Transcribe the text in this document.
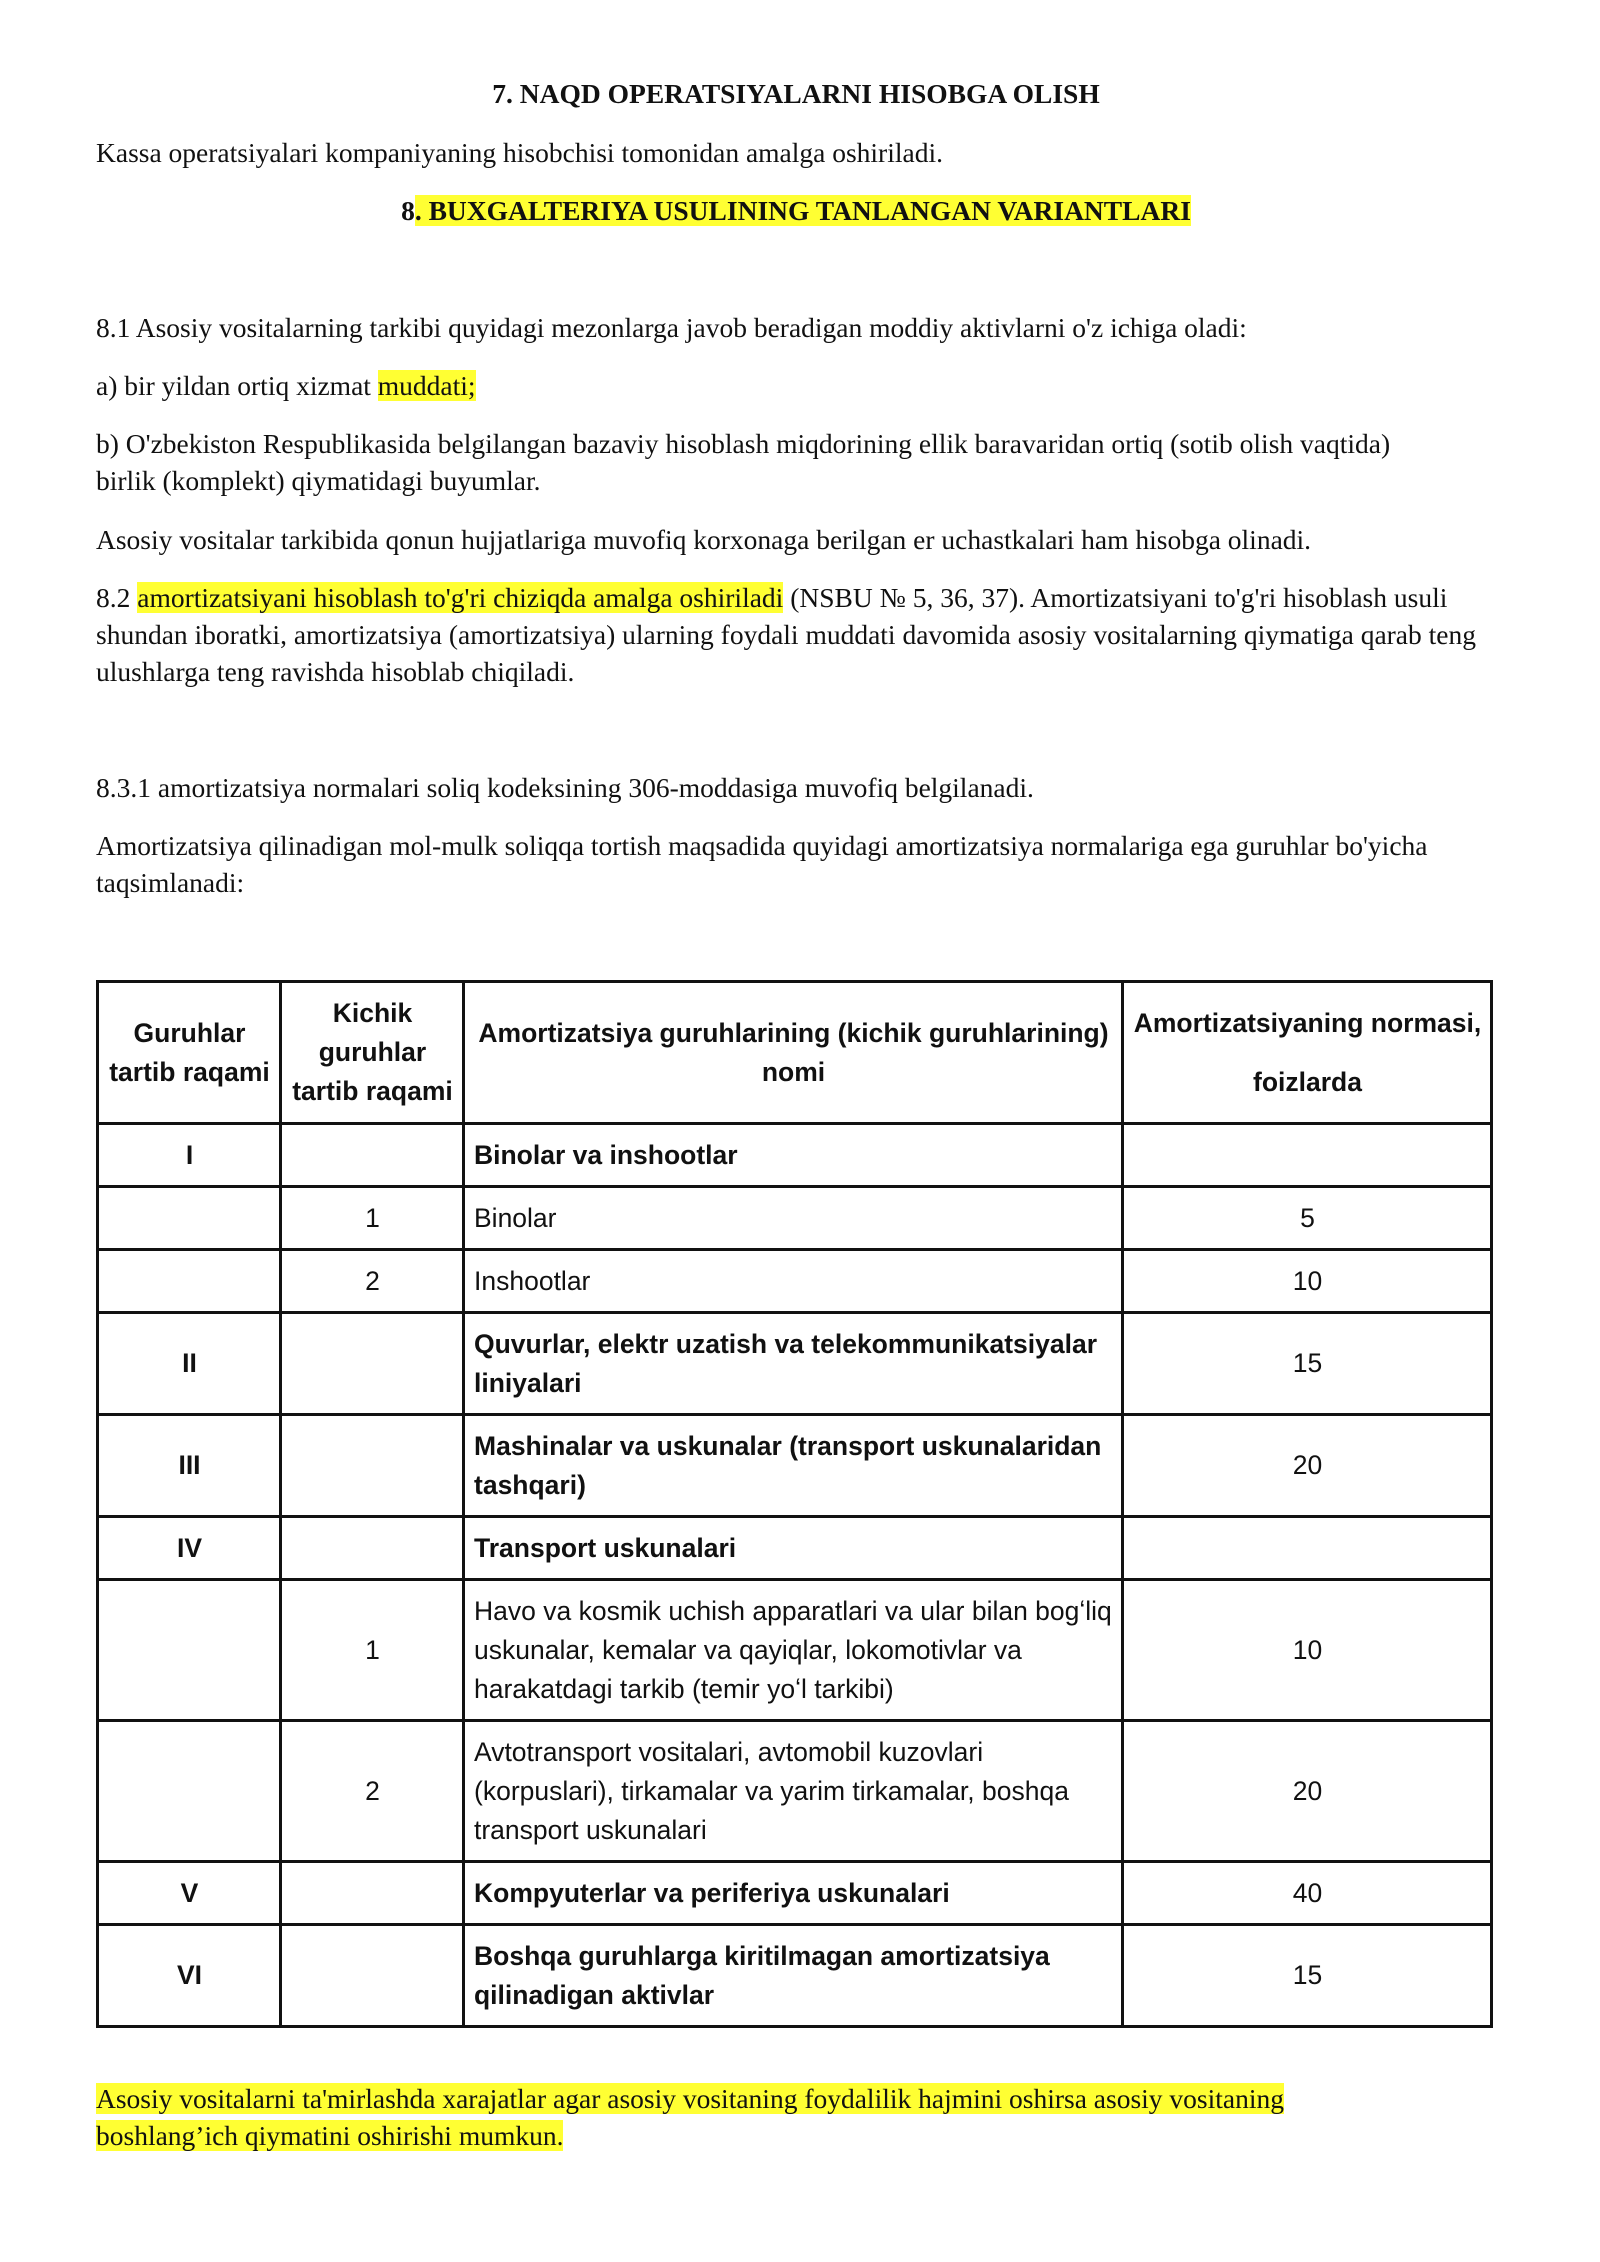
7. NAQD OPERATSIYALARNI HISOBGA OLISH
Kassa operatsiyalari kompaniyaning hisobchisi tomonidan amalga oshiriladi.
8. BUXGALTERIYA USULINING TANLANGAN VARIANTLARI
8.1 Asosiy vositalarning tarkibi quyidagi mezonlarga javob beradigan moddiy aktivlarni o'z ichiga oladi:
a) bir yildan ortiq xizmat muddati;
b) O'zbekiston Respublikasida belgilangan bazaviy hisoblash miqdorining ellik baravaridan ortiq (sotib olish vaqtida) birlik (komplekt) qiymatidagi buyumlar.
Asosiy vositalar tarkibida qonun hujjatlariga muvofiq korxonaga berilgan er uchastkalari ham hisobga olinadi.
8.2 amortizatsiyani hisoblash to'g'ri chiziqda amalga oshiriladi (NSBU № 5, 36, 37). Amortizatsiyani to'g'ri hisoblash usuli shundan iboratki, amortizatsiya (amortizatsiya) ularning foydali muddati davomida asosiy vositalarning qiymatiga qarab teng ulushlarga teng ravishda hisoblab chiqiladi.
8.3.1 amortizatsiya normalari soliq kodeksining 306-moddasiga muvofiq belgilanadi.
Amortizatsiya qilinadigan mol-mulk soliqqa tortish maqsadida quyidagi amortizatsiya normalariga ega guruhlar bo'yicha taqsimlanadi:
Guruhlar tartib raqami	Kichik guruhlar tartib raqami	Amortizatsiya guruhlarining (kichik guruhlarining) nomi	Amortizatsiyaning normasi,
foizlarda
I		Binolar va inshootlar	
	1	Binolar	5
	2	Inshootlar	10
II		Quvurlar, elektr uzatish va telekommunikatsiyalar liniyalari	15
III		Mashinalar va uskunalar (transport uskunalaridan tashqari)	20
IV		Transport uskunalari	
	1	Havo va kosmik uchish apparatlari va ular bilan bogʻliq uskunalar, kemalar va qayiqlar, lokomotivlar va harakatdagi tarkib (temir yoʻl tarkibi)	10
	2	Avtotransport vositalari, avtomobil kuzovlari (korpuslari), tirkamalar va yarim tirkamalar, boshqa transport uskunalari	20
V		Kompyuterlar va periferiya uskunalari	40
VI		Boshqa guruhlarga kiritilmagan amortizatsiya qilinadigan aktivlar	15
Asosiy vositalarni ta'mirlashda xarajatlar agar asosiy vositaning foydalilik hajmini oshirsa asosiy vositaning boshlang’ich qiymatini oshirishi mumkun.
